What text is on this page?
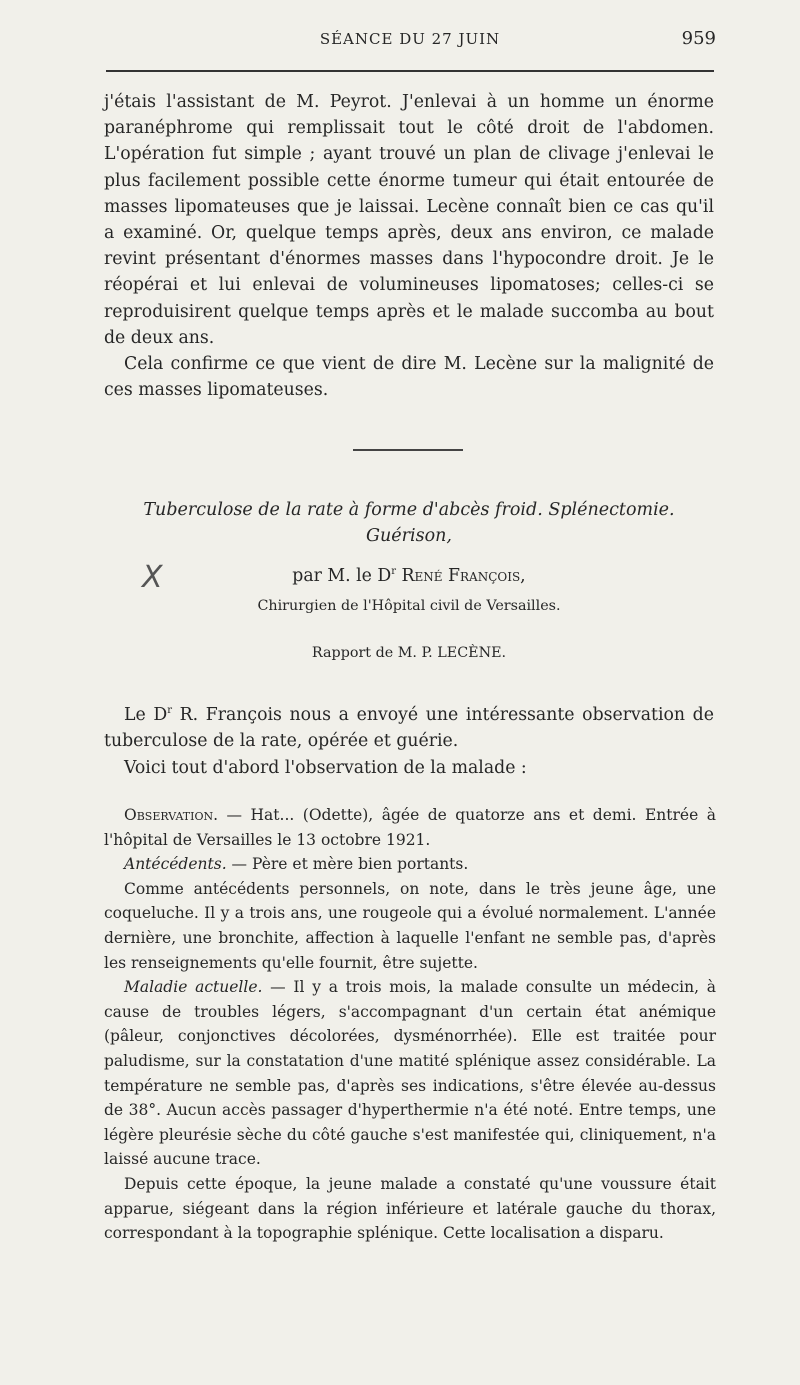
SÉANCE DU 27 JUIN	959

j'étais l'assistant de M. Peyrot. J'enlevai à un homme un énorme paranéphrome qui remplissait tout le côté droit de l'abdomen. L'opération fut simple ; ayant trouvé un plan de clivage j'enlevai le plus facilement possible cette énorme tumeur qui était entourée de masses lipomateuses que je laissai. Lecène connaît bien ce cas qu'il a examiné. Or, quelque temps après, deux ans environ, ce malade revint présentant d'énormes masses dans l'hypocondre droit. Je le réopérai et lui enlevai de volumineuses lipomatoses; celles-ci se reproduisirent quelque temps après et le malade succomba au bout de deux ans.

Cela confirme ce que vient de dire M. Lecène sur la malignité de ces masses lipomateuses.

Tuberculose de la rate à forme d'abcès froid. Splénectomie.
Guérison,
X	par M. le $D^r$ René François,
Chirurgien de l'Hôpital civil de Versailles.
Rapport de M. P. LECÈNE.

Le $D^r$ R. François nous a envoyé une intéressante observation de tuberculose de la rate, opérée et guérie.

Voici tout d'abord l'observation de la malade :

Observation. — Hat... (Odette), âgée de quatorze ans et demi. Entrée à l'hôpital de Versailles le 13 octobre 1921.

Antécédents. — Père et mère bien portants.

Comme antécédents personnels, on note, dans le très jeune âge, une coqueluche. Il y a trois ans, une rougeole qui a évolué normalement. L'année dernière, une bronchite, affection à laquelle l'enfant ne semble pas, d'après les renseignements qu'elle fournit, être sujette.

Maladie actuelle. — Il y a trois mois, la malade consulte un médecin, à cause de troubles légers, s'accompagnant d'un certain état anémique (pâleur, conjonctives décolorées, dysménorrhée). Elle est traitée pour paludisme, sur la constatation d'une matité splénique assez considérable. La température ne semble pas, d'après ses indications, s'être élevée au-dessus de 38°. Aucun accès passager d'hyperthermie n'a été noté. Entre temps, une légère pleurésie sèche du côté gauche s'est manifestée qui, cliniquement, n'a laissé aucune trace.

Depuis cette époque, la jeune malade a constaté qu'une voussure était apparue, siégeant dans la région inférieure et latérale gauche du thorax, correspondant à la topographie splénique. Cette localisation a disparu.
